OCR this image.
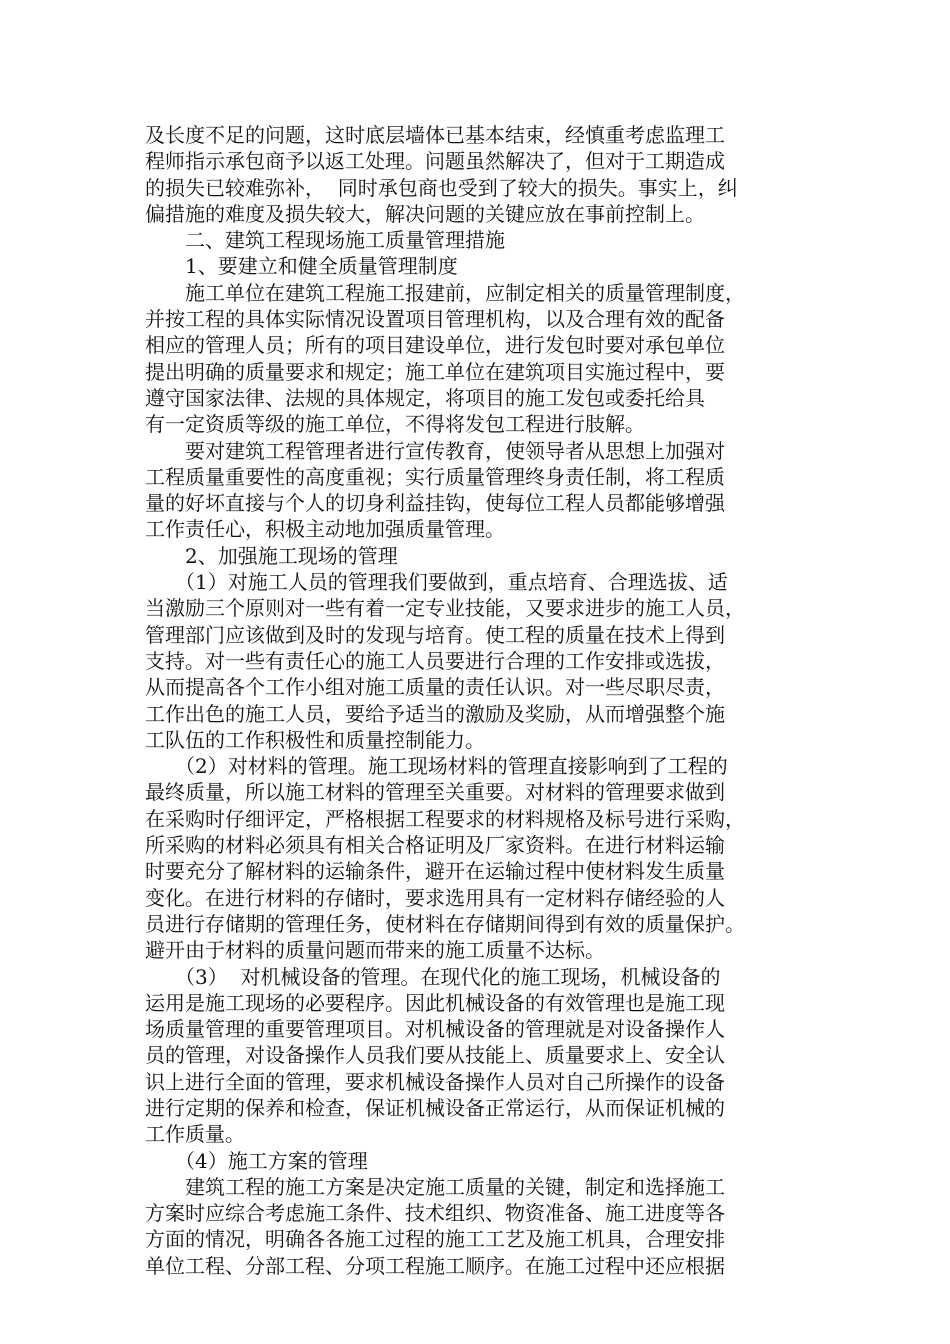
及长度不足的问题，这时底层墙体已基本结束，经慎重考虑监理工
程师指示承包商予以返工处理。问题虽然解决了，但对于工期造成
的损失已较难弥补，  同时承包商也受到了较大的损失。事实上，纠
偏措施的难度及损失较大，解决问题的关键应放在事前控制上。
　　二、建筑工程现场施工质量管理措施
　　1、要建立和健全质量管理制度
　　施工单位在建筑工程施工报建前，应制定相关的质量管理制度，
并按工程的具体实际情况设置项目管理机构，以及合理有效的配备
相应的管理人员；所有的项目建设单位，进行发包时要对承包单位
提出明确的质量要求和规定；施工单位在建筑项目实施过程中，要
遵守国家法律、法规的具体规定，将项目的施工发包或委托给具
有一定资质等级的施工单位，不得将发包工程进行肢解。
　　要对建筑工程管理者进行宣传教育，使领导者从思想上加强对
工程质量重要性的高度重视；实行质量管理终身责任制，将工程质
量的好坏直接与个人的切身利益挂钩，使每位工程人员都能够增强
工作责任心，积极主动地加强质量管理。
　　2、加强施工现场的管理
　　（1）对施工人员的管理我们要做到，重点培育、合理选拔、适
当激励三个原则对一些有着一定专业技能，又要求进步的施工人员，
管理部门应该做到及时的发现与培育。使工程的质量在技术上得到
支持。对一些有责任心的施工人员要进行合理的工作安排或选拔，
从而提高各个工作小组对施工质量的责任认识。对一些尽职尽责，
工作出色的施工人员，要给予适当的激励及奖励，从而增强整个施
工队伍的工作积极性和质量控制能力。
　　（2）对材料的管理。施工现场材料的管理直接影响到了工程的
最终质量，所以施工材料的管理至关重要。对材料的管理要求做到
在采购时仔细评定，严格根据工程要求的材料规格及标号进行采购，
所采购的材料必须具有相关合格证明及厂家资料。在进行材料运输
时要充分了解材料的运输条件，避开在运输过程中使材料发生质量
变化。在进行材料的存储时，要求选用具有一定材料存储经验的人
员进行存储期的管理任务，使材料在存储期间得到有效的质量保护。
避开由于材料的质量问题而带来的施工质量不达标。
　　（3）  对机械设备的管理。在现代化的施工现场，机械设备的
运用是施工现场的必要程序。因此机械设备的有效管理也是施工现
场质量管理的重要管理项目。对机械设备的管理就是对设备操作人
员的管理，对设备操作人员我们要从技能上、质量要求上、安全认
识上进行全面的管理，要求机械设备操作人员对自己所操作的设备
进行定期的保养和检查，保证机械设备正常运行，从而保证机械的
工作质量。
　　（4）施工方案的管理
　　建筑工程的施工方案是决定施工质量的关键，制定和选择施工
方案时应综合考虑施工条件、技术组织、物资准备、施工进度等各
方面的情况，明确各各施工过程的施工工艺及施工机具，合理安排
单位工程、分部工程、分项工程施工顺序。在施工过程中还应根据
